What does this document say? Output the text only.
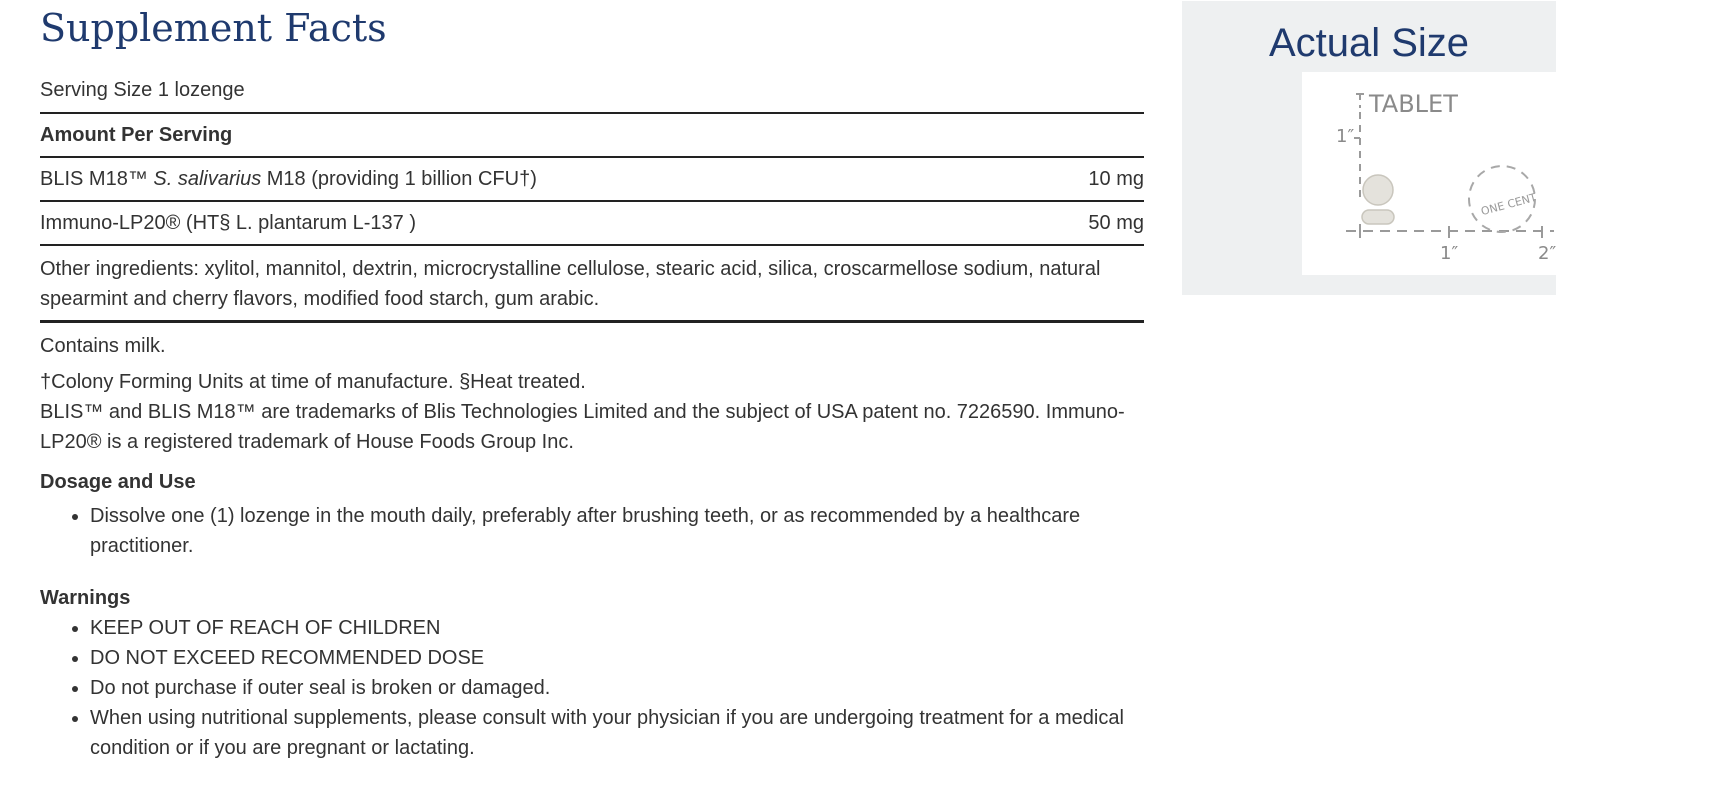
Supplement Facts
Serving Size 1 lozenge
Amount Per Serving
BLIS M18™ S. salivarius M18 (providing 1 billion CFU†)	10 mg
Immuno-LP20® (HT§ L. plantarum L-137 )	50 mg
Other ingredients: xylitol, mannitol, dextrin, microcrystalline cellulose, stearic acid, silica, croscarmellose sodium, natural spearmint and cherry flavors, modified food starch, gum arabic.
Contains milk.
†Colony Forming Units at time of manufacture. §Heat treated.
BLIS™ and BLIS M18™ are trademarks of Blis Technologies Limited and the subject of USA patent no. 7226590. Immuno-LP20® is a registered trademark of House Foods Group Inc.
Dosage and Use
• Dissolve one (1) lozenge in the mouth daily, preferably after brushing teeth, or as recommended by a healthcare practitioner.
Warnings
• KEEP OUT OF REACH OF CHILDREN
• DO NOT EXCEED RECOMMENDED DOSE
• Do not purchase if outer seal is broken or damaged.
• When using nutritional supplements, please consult with your physician if you are undergoing treatment for a medical condition or if you are pregnant or lactating.
Actual Size
TABLET
1″
ONE CENT
1″	2″
